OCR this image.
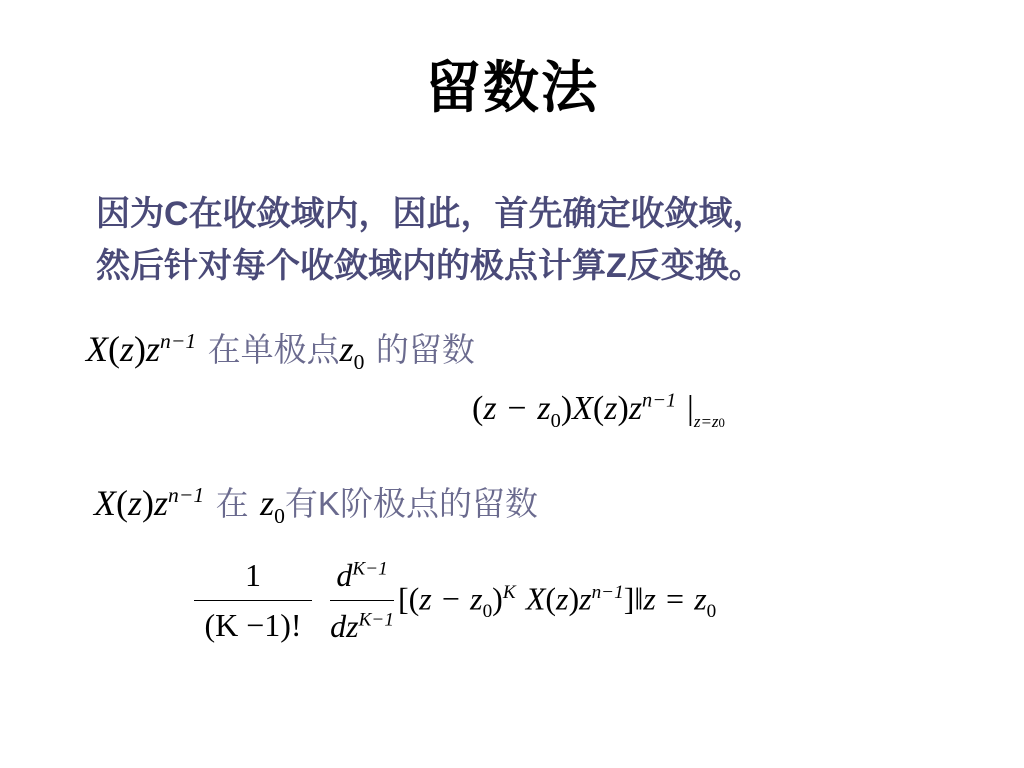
留数法
因为C在收敛域内，因此，首先确定收敛域，
然后针对每个收敛域内的极点计算Z反变换。
$X(z)z^{n-1}$ 在单极点$z_0$ 的留数
$(z - z_0)X(z)z^{n-1}$ $|_{z=z0}$
$X(z)z^{n-1}$ 在 $z_0$有K阶极点的留数
$\frac{1}{(K -1)!}$
$\frac{d^{K-1}}{dz^{K-1}} [(z - z_0)^K$ $X(z)z^{n-1}]‖z = z_0$
